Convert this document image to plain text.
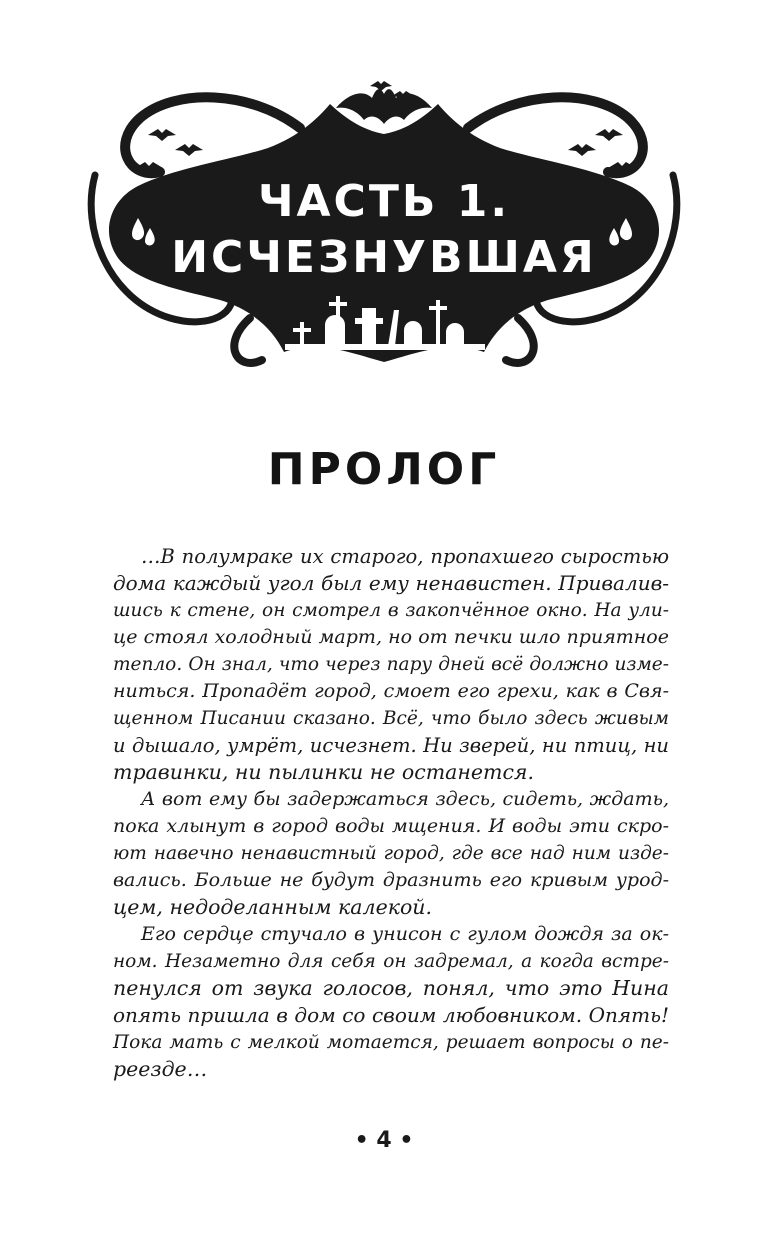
ЧАСТЬ 1.
ИСЧЕЗНУВШАЯ
ПРОЛОГ
…В полумраке их старого, пропахшего сыростью
дома каждый угол был ему ненавистен. Привалив-
шись к стене, он смотрел в закопчённое окно. На ули-
це стоял холодный март, но от печки шло приятное
тепло. Он знал, что через пару дней всё должно изме-
ниться. Пропадёт город, смоет его грехи, как в Свя-
щенном Писании сказано. Всё, что было здесь живым
и дышало, умрёт, исчезнет. Ни зверей, ни птиц, ни
травинки, ни пылинки не останется.
А вот ему бы задержаться здесь, сидеть, ждать,
пока хлынут в город воды мщения. И воды эти скро-
ют навечно ненавистный город, где все над ним изде-
вались. Больше не будут дразнить его кривым урод-
цем, недоделанным калекой.
Его сердце стучало в унисон с гулом дождя за ок-
ном. Незаметно для себя он задремал, а когда встре-
пенулся от звука голосов, понял, что это Нина
опять пришла в дом со своим любовником. Опять!
Пока мать с мелкой мотается, решает вопросы о пе-
реезде…
• 4 •
